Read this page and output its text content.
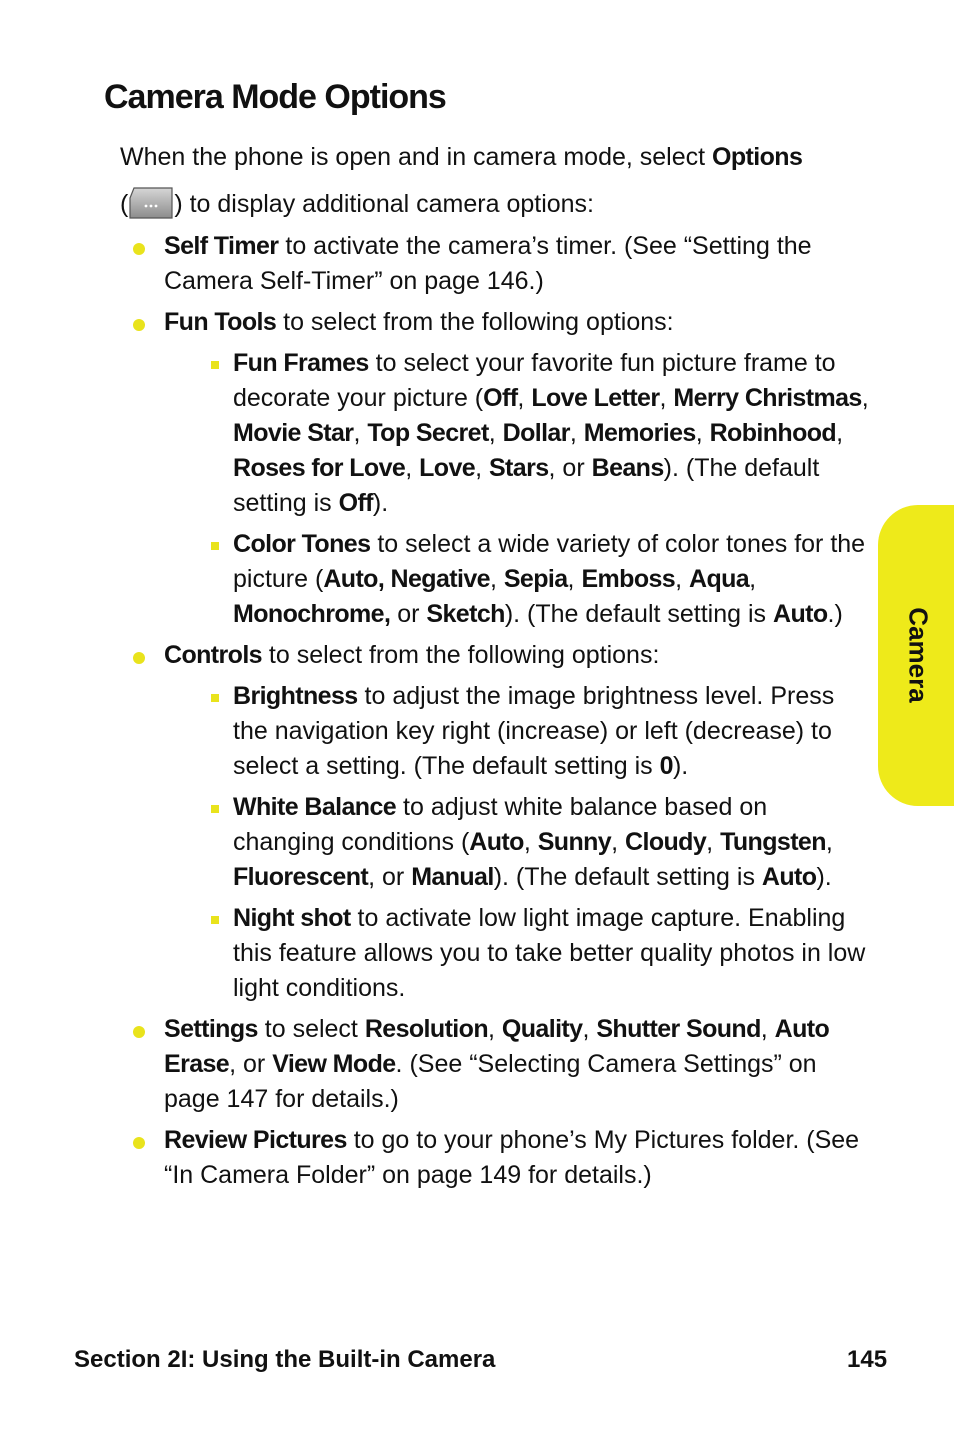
Camera Mode Options
When the phone is open and in camera mode, select Options
( ) to display additional camera options:
Self Timer to activate the camera’s timer. (See “Setting the Camera Self-Timer” on page 146.)
Fun Tools to select from the following options:
Fun Frames to select your favorite fun picture frame to decorate your picture (Off, Love Letter, Merry Christmas, Movie Star, Top Secret, Dollar, Memories, Robinhood, Roses for Love, Love, Stars, or Beans). (The default setting is Off).
Color Tones to select a wide variety of color tones for the picture (Auto, Negative, Sepia, Emboss, Aqua, Monochrome, or Sketch). (The default setting is Auto.)
Controls to select from the following options:
Brightness to adjust the image brightness level. Press the navigation key right (increase) or left (decrease) to select a setting. (The default setting is 0).
White Balance to adjust white balance based on changing conditions (Auto, Sunny, Cloudy, Tungsten, Fluorescent, or Manual). (The default setting is Auto).
Night shot to activate low light image capture. Enabling this feature allows you to take better quality photos in low light conditions.
Settings to select Resolution, Quality, Shutter Sound, Auto Erase, or View Mode. (See “Selecting Camera Settings” on page 147 for details.)
Review Pictures to go to your phone’s My Pictures folder. (See “In Camera Folder” on page 149 for details.)
Camera
Section 2I: Using the Built-in Camera	145
